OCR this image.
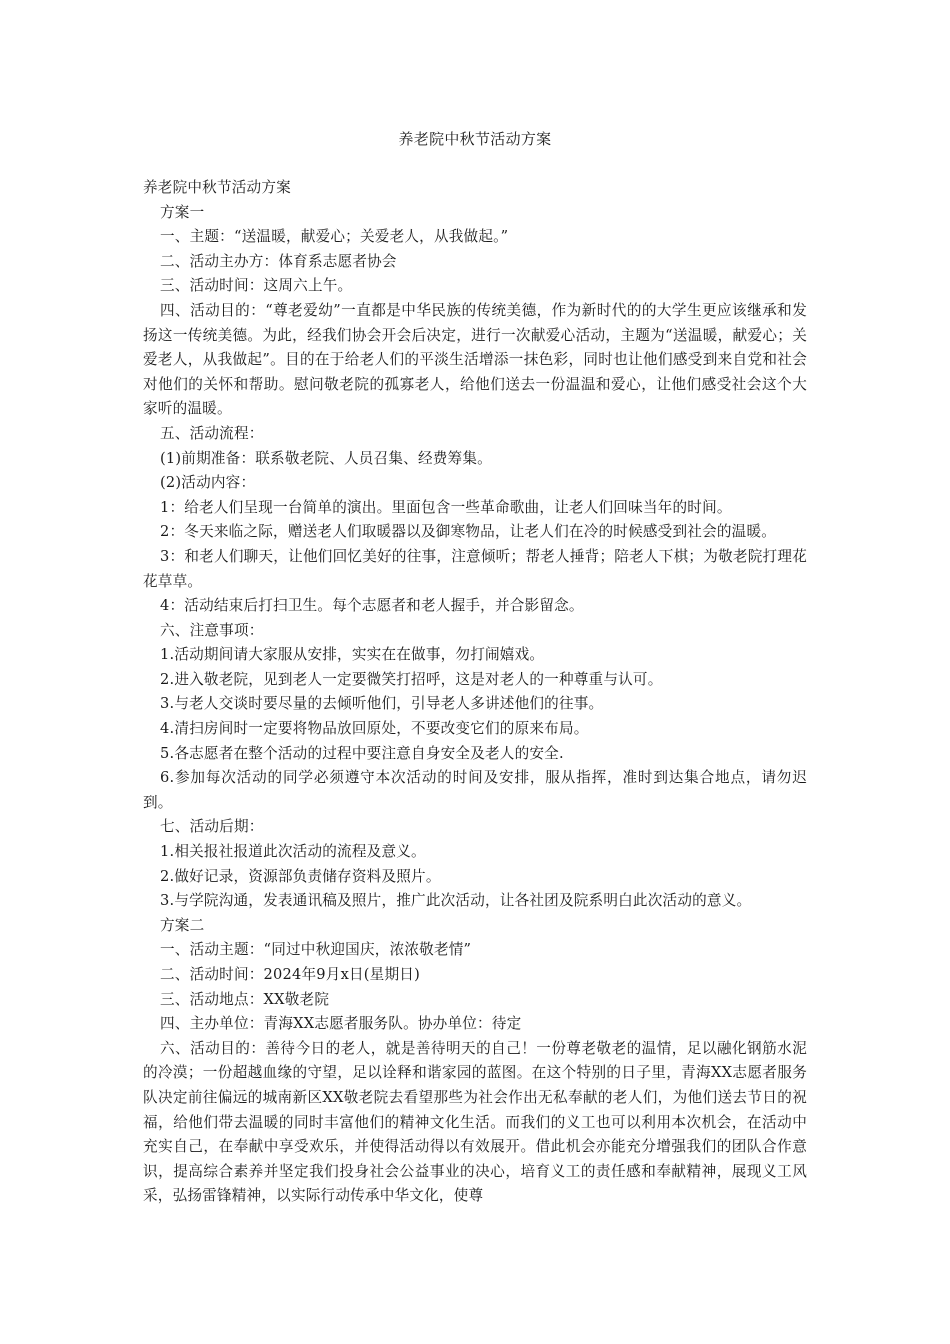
养老院中秋节活动方案

养老院中秋节活动方案

方案一

一、主题：“送温暖，献爱心；关爱老人，从我做起。”

二、活动主办方：体育系志愿者协会

三、活动时间：这周六上午。

四、活动目的：“尊老爱幼”一直都是中华民族的传统美德，作为新时代的的大学生更应该继承和发扬这一传统美德。为此，经我们协会开会后决定，进行一次献爱心活动，主题为“送温暖，献爱心；关爱老人，从我做起”。目的在于给老人们的平淡生活增添一抹色彩，同时也让他们感受到来自党和社会对他们的关怀和帮助。慰问敬老院的孤寡老人，给他们送去一份温温和爱心，让他们感受社会这个大家听的温暖。

五、活动流程：

(1)前期准备：联系敬老院、人员召集、经费筹集。

(2)活动内容：

1：给老人们呈现一台简单的演出。里面包含一些革命歌曲，让老人们回味当年的时间。

2：冬天来临之际，赠送老人们取暖器以及御寒物品，让老人们在冷的时候感受到社会的温暖。

3：和老人们聊天，让他们回忆美好的往事，注意倾听；帮老人捶背；陪老人下棋；为敬老院打理花花草草。

4：活动结束后打扫卫生。每个志愿者和老人握手，并合影留念。

六、注意事项：

1.活动期间请大家服从安排，实实在在做事，勿打闹嬉戏。

2.进入敬老院，见到老人一定要微笑打招呼，这是对老人的一种尊重与认可。

3.与老人交谈时要尽量的去倾听他们，引导老人多讲述他们的往事。

4.清扫房间时一定要将物品放回原处，不要改变它们的原来布局。

5.各志愿者在整个活动的过程中要注意自身安全及老人的安全.

6.参加每次活动的同学必须遵守本次活动的时间及安排，服从指挥，准时到达集合地点，请勿迟到。

七、活动后期：

1.相关报社报道此次活动的流程及意义。

2.做好记录，资源部负责储存资料及照片。

3.与学院沟通，发表通讯稿及照片，推广此次活动，让各社团及院系明白此次活动的意义。

方案二

一、活动主题：“同过中秋迎国庆，浓浓敬老情”

二、活动时间：2024年9月x日(星期日)

三、活动地点：XX敬老院

四、主办单位：青海XX志愿者服务队。协办单位：待定

六、活动目的：善待今日的老人，就是善待明天的自己！一份尊老敬老的温情，足以融化钢筋水泥的冷漠；一份超越血缘的守望，足以诠释和谐家园的蓝图。在这个特别的日子里，青海XX志愿者服务队决定前往偏远的城南新区XX敬老院去看望那些为社会作出无私奉献的老人们，为他们送去节日的祝福，给他们带去温暖的同时丰富他们的精神文化生活。而我们的义工也可以利用本次机会，在活动中充实自己，在奉献中享受欢乐，并使得活动得以有效展开。借此机会亦能充分增强我们的团队合作意识，提高综合素养并坚定我们投身社会公益事业的决心，培育义工的责任感和奉献精神，展现义工风采，弘扬雷锋精神，以实际行动传承中华文化，使尊
